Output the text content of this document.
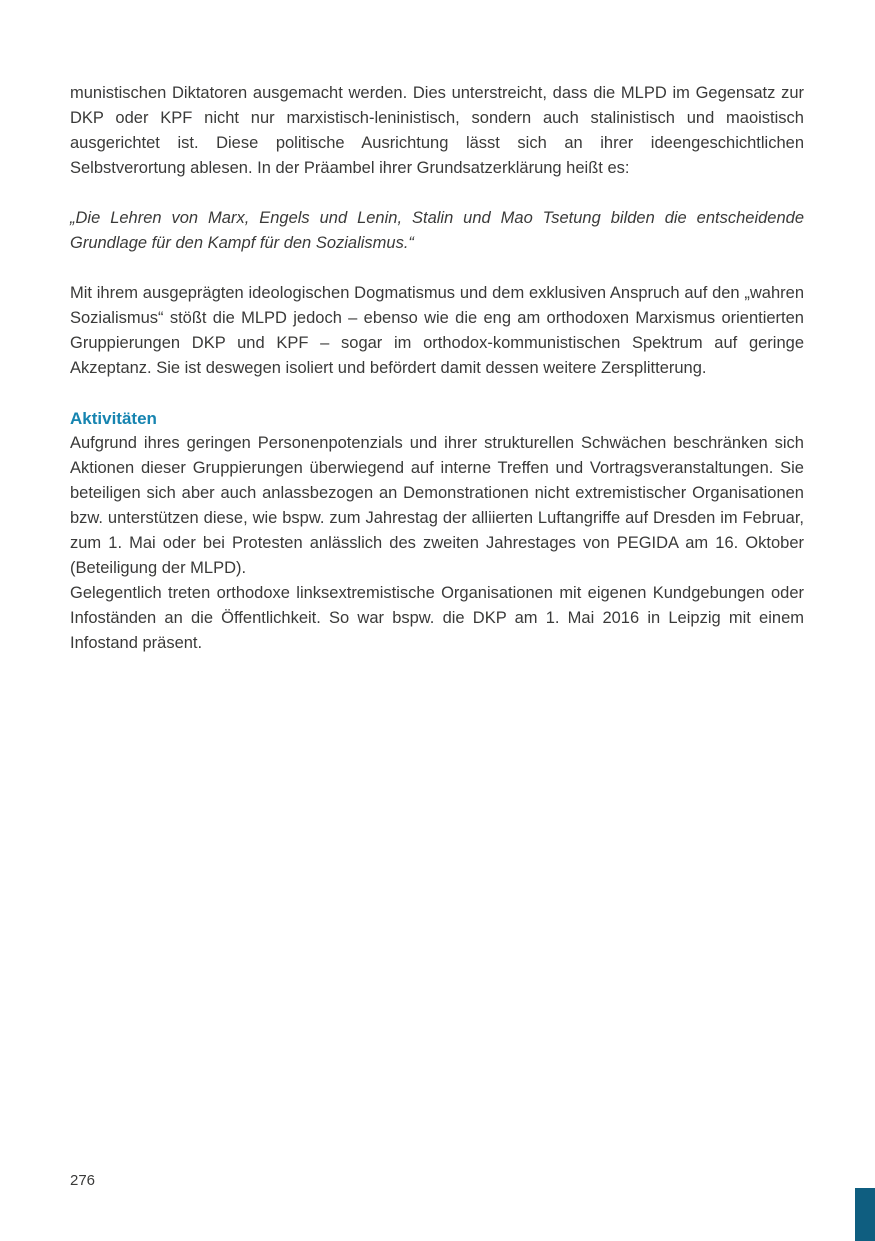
munistischen Diktatoren ausgemacht werden. Dies unterstreicht, dass die MLPD im Gegensatz zur DKP oder KPF nicht nur marxistisch-leninistisch, sondern auch stalinistisch und maoistisch ausgerichtet ist. Diese politische Ausrichtung lässt sich an ihrer ideengeschichtlichen Selbstverortung ablesen. In der Präambel ihrer Grundsatzerklärung heißt es:

„Die Lehren von Marx, Engels und Lenin, Stalin und Mao Tsetung bilden die entscheidende Grundlage für den Kampf für den Sozialismus.“

Mit ihrem ausgeprägten ideologischen Dogmatismus und dem exklusiven Anspruch auf den „wahren Sozialismus“ stößt die MLPD jedoch – ebenso wie die eng am orthodoxen Marxismus orientierten Gruppierungen DKP und KPF – sogar im orthodox-kommunistischen Spektrum auf geringe Akzeptanz. Sie ist deswegen isoliert und befördert damit dessen weitere Zersplitterung.

Aktivitäten

Aufgrund ihres geringen Personenpotenzials und ihrer strukturellen Schwächen beschränken sich Aktionen dieser Gruppierungen überwiegend auf interne Treffen und Vortragsveranstaltungen. Sie beteiligen sich aber auch anlassbezogen an Demonstrationen nicht extremistischer Organisationen bzw. unterstützen diese, wie bspw. zum Jahrestag der alliierten Luftangriffe auf Dresden im Februar, zum 1. Mai oder bei Protesten anlässlich des zweiten Jahrestages von PEGIDA am 16. Oktober (Beteiligung der MLPD).

Gelegentlich treten orthodoxe linksextremistische Organisationen mit eigenen Kundgebungen oder Infoständen an die Öffentlichkeit. So war bspw. die DKP am 1. Mai 2016 in Leipzig mit einem Infostand präsent.

276
